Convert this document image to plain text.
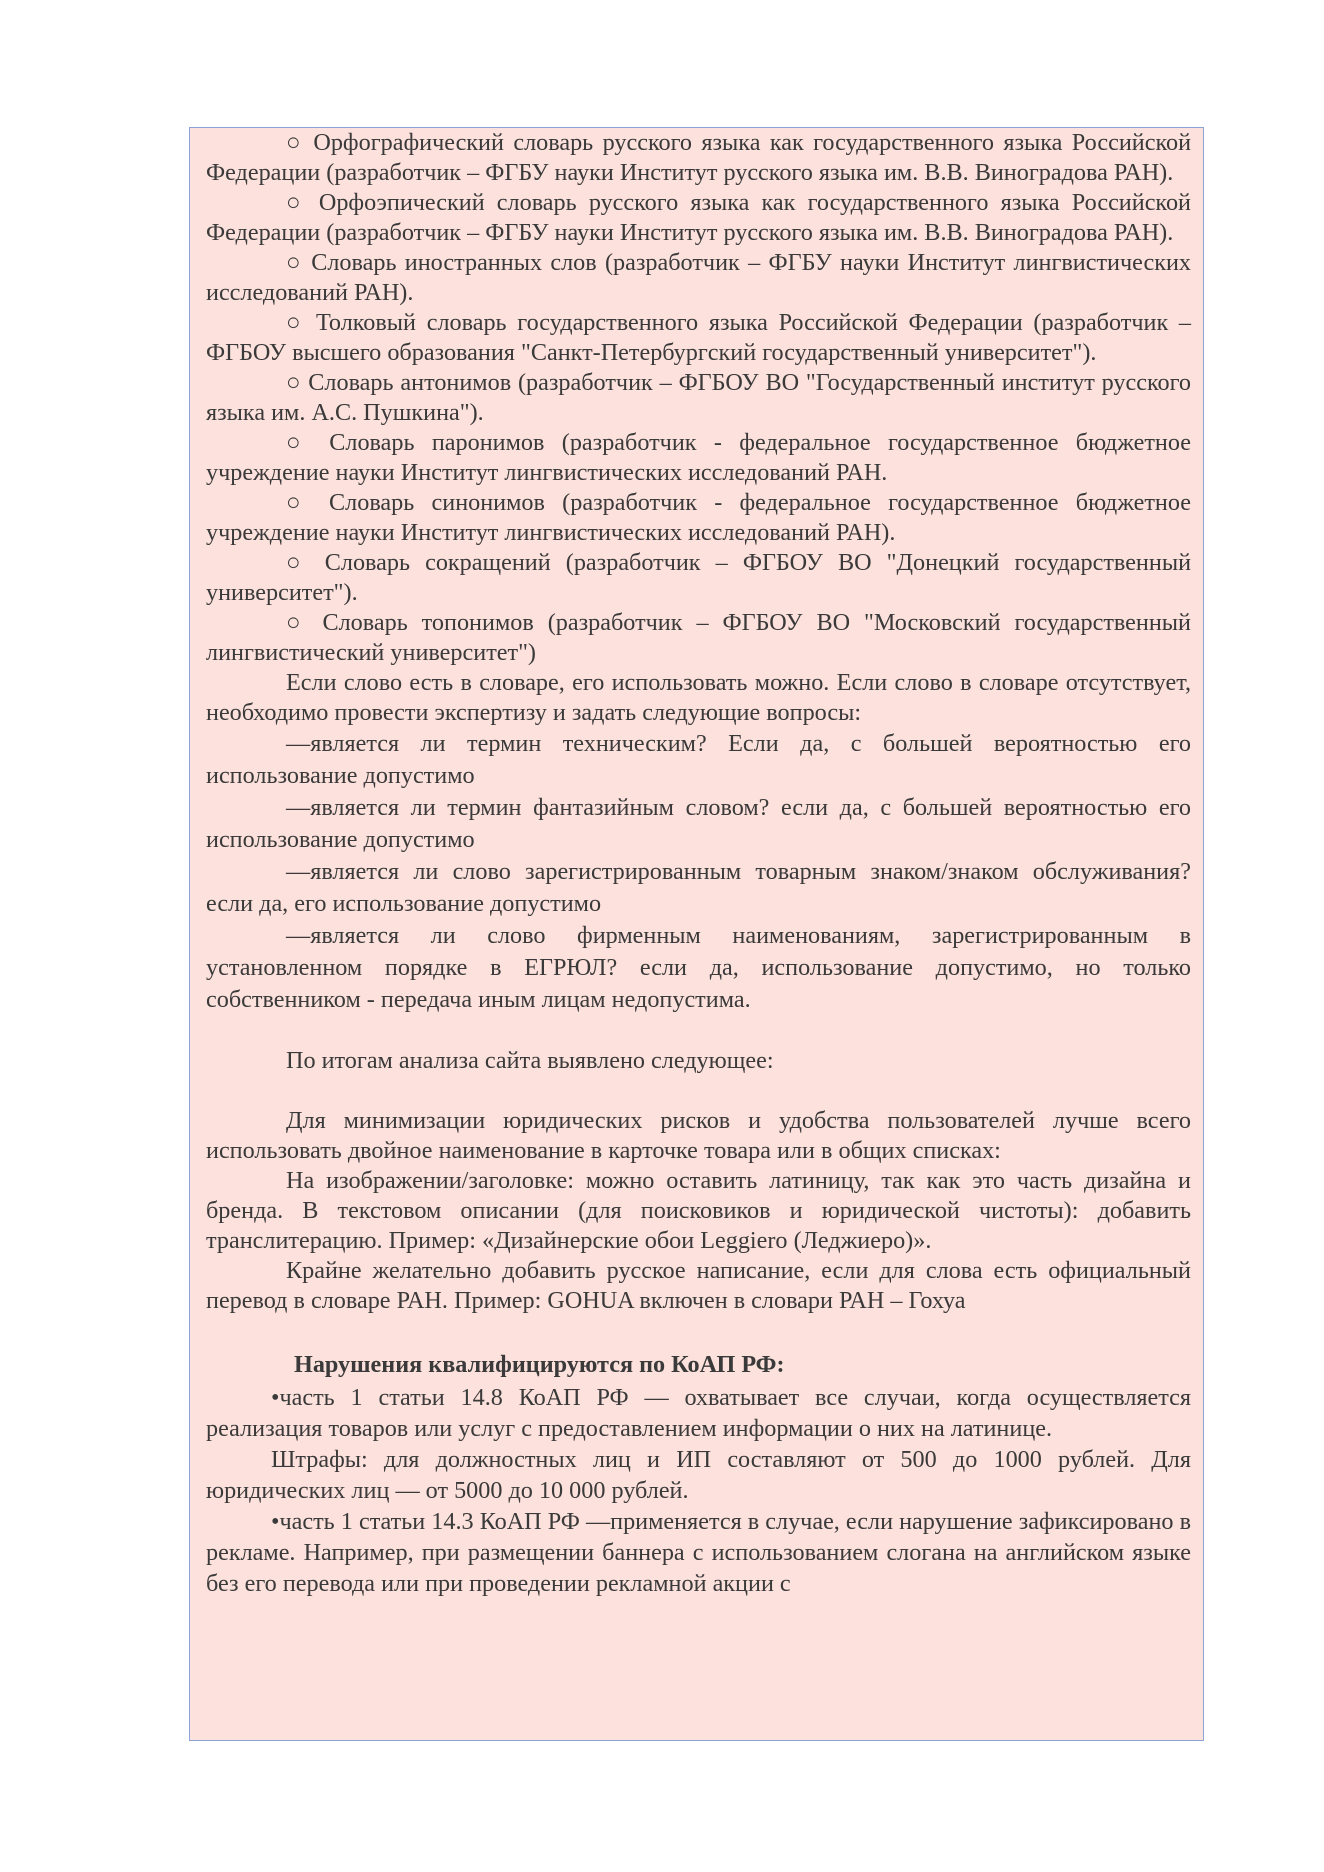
○ Орфографический словарь русского языка как государственного языка Российской Федерации (разработчик – ФГБУ науки Институт русского языка им. В.В. Виноградова РАН).

○ Орфоэпический словарь русского языка как государственного языка Российской Федерации (разработчик – ФГБУ науки Институт русского языка им. В.В. Виноградова РАН).

○ Словарь иностранных слов (разработчик – ФГБУ науки Институт лингвистических исследований РАН).

○ Толковый словарь государственного языка Российской Федерации (разработчик – ФГБОУ высшего образования "Санкт-Петербургский государственный университет").

○ Словарь антонимов (разработчик – ФГБОУ ВО "Государственный институт русского языка им. А.С. Пушкина").

○ Словарь паронимов (разработчик - федеральное государственное бюджетное учреждение науки Институт лингвистических исследований РАН.

○ Словарь синонимов (разработчик - федеральное государственное бюджетное учреждение науки Институт лингвистических исследований РАН).

○ Словарь сокращений (разработчик – ФГБОУ ВО "Донецкий государственный университет").

○ Словарь топонимов (разработчик – ФГБОУ ВО "Московский государственный лингвистический университет")

Если слово есть в словаре, его использовать можно. Если слово в словаре отсутствует, необходимо провести экспертизу и задать следующие вопросы:

—является ли термин техническим? Если да, с большей вероятностью его использование допустимо

—является ли термин фантазийным словом? если да, с большей вероятностью его использование допустимо

—является ли слово зарегистрированным товарным знаком/знаком обслуживания? если да, его использование допустимо

—является ли слово фирменным наименованиям, зарегистрированным в установленном порядке в ЕГРЮЛ? если да, использование допустимо, но только собственником - передача иным лицам недопустима.

По итогам анализа сайта выявлено следующее:

Для минимизации юридических рисков и удобства пользователей лучше всего использовать двойное наименование в карточке товара или в общих списках:

На изображении/заголовке: можно оставить латиницу, так как это часть дизайна и бренда. В текстовом описании (для поисковиков и юридической чистоты): добавить транслитерацию. Пример: «Дизайнерские обои Leggiero (Леджиеро)».

Крайне желательно добавить русское написание, если для слова есть официальный перевод в словаре РАН. Пример: GOHUA включен в словари РАН – Гохуа

Нарушения квалифицируются по КоАП РФ:

•часть 1 статьи 14.8 КоАП РФ — охватывает все случаи, когда осуществляется реализация товаров или услуг с предоставлением информации о них на латинице.

Штрафы: для должностных лиц и ИП составляют от 500 до 1000 рублей. Для юридических лиц — от 5000 до 10 000 рублей.

•часть 1 статьи 14.3 КоАП РФ —применяется в случае, если нарушение зафиксировано в рекламе. Например, при размещении баннера с использованием слогана на английском языке без его перевода или при проведении рекламной акции с
